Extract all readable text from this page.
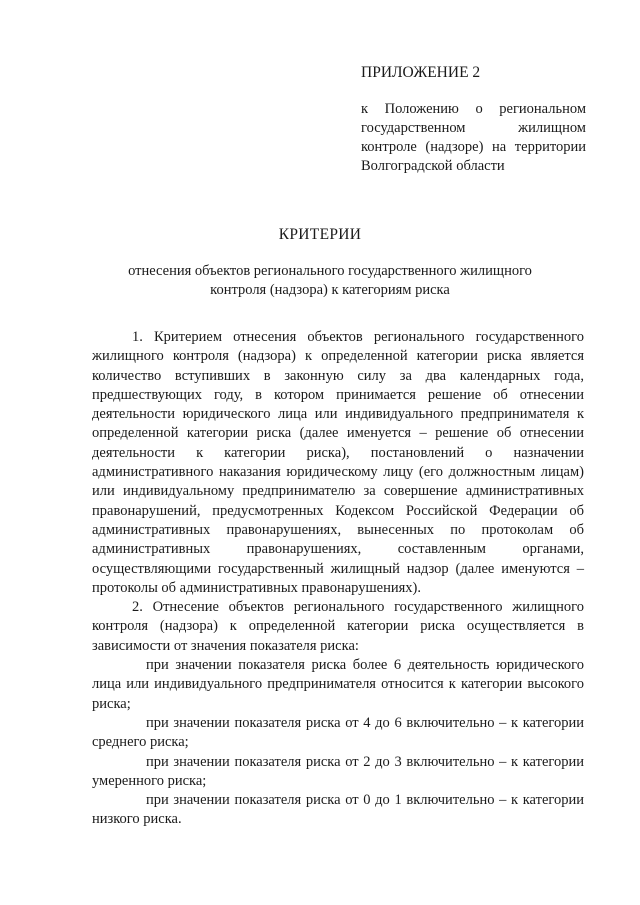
ПРИЛОЖЕНИЕ 2

к Положению о региональном государственном жилищном контроле (надзоре) на территории Волгоградской области

КРИТЕРИИ

отнесения объектов регионального государственного жилищного контроля (надзора) к категориям риска

1. Критерием отнесения объектов регионального государственного жилищного контроля (надзора) к определенной категории риска является количество вступивших в законную силу за два календарных года, предшествующих году, в котором принимается решение об отнесении деятельности юридического лица или индивидуального предпринимателя к определенной категории риска (далее именуется – решение об отнесении деятельности к категории риска), постановлений о назначении административного наказания юридическому лицу (его должностным лицам) или индивидуальному предпринимателю за совершение административных правонарушений, предусмотренных Кодексом Российской Федерации об административных правонарушениях, вынесенных по протоколам об административных правонарушениях, составленным органами, осуществляющими государственный жилищный надзор (далее именуются – протоколы об административных правонарушениях).

2. Отнесение объектов регионального государственного жилищного контроля (надзора) к определенной категории риска осуществляется в зависимости от значения показателя риска:

при значении показателя риска более 6 деятельность юридического лица или индивидуального предпринимателя относится к категории высокого риска;

при значении показателя риска от 4 до 6 включительно – к категории среднего риска;

при значении показателя риска от 2 до 3 включительно – к категории умеренного риска;

при значении показателя риска от 0 до 1 включительно – к категории низкого риска.
